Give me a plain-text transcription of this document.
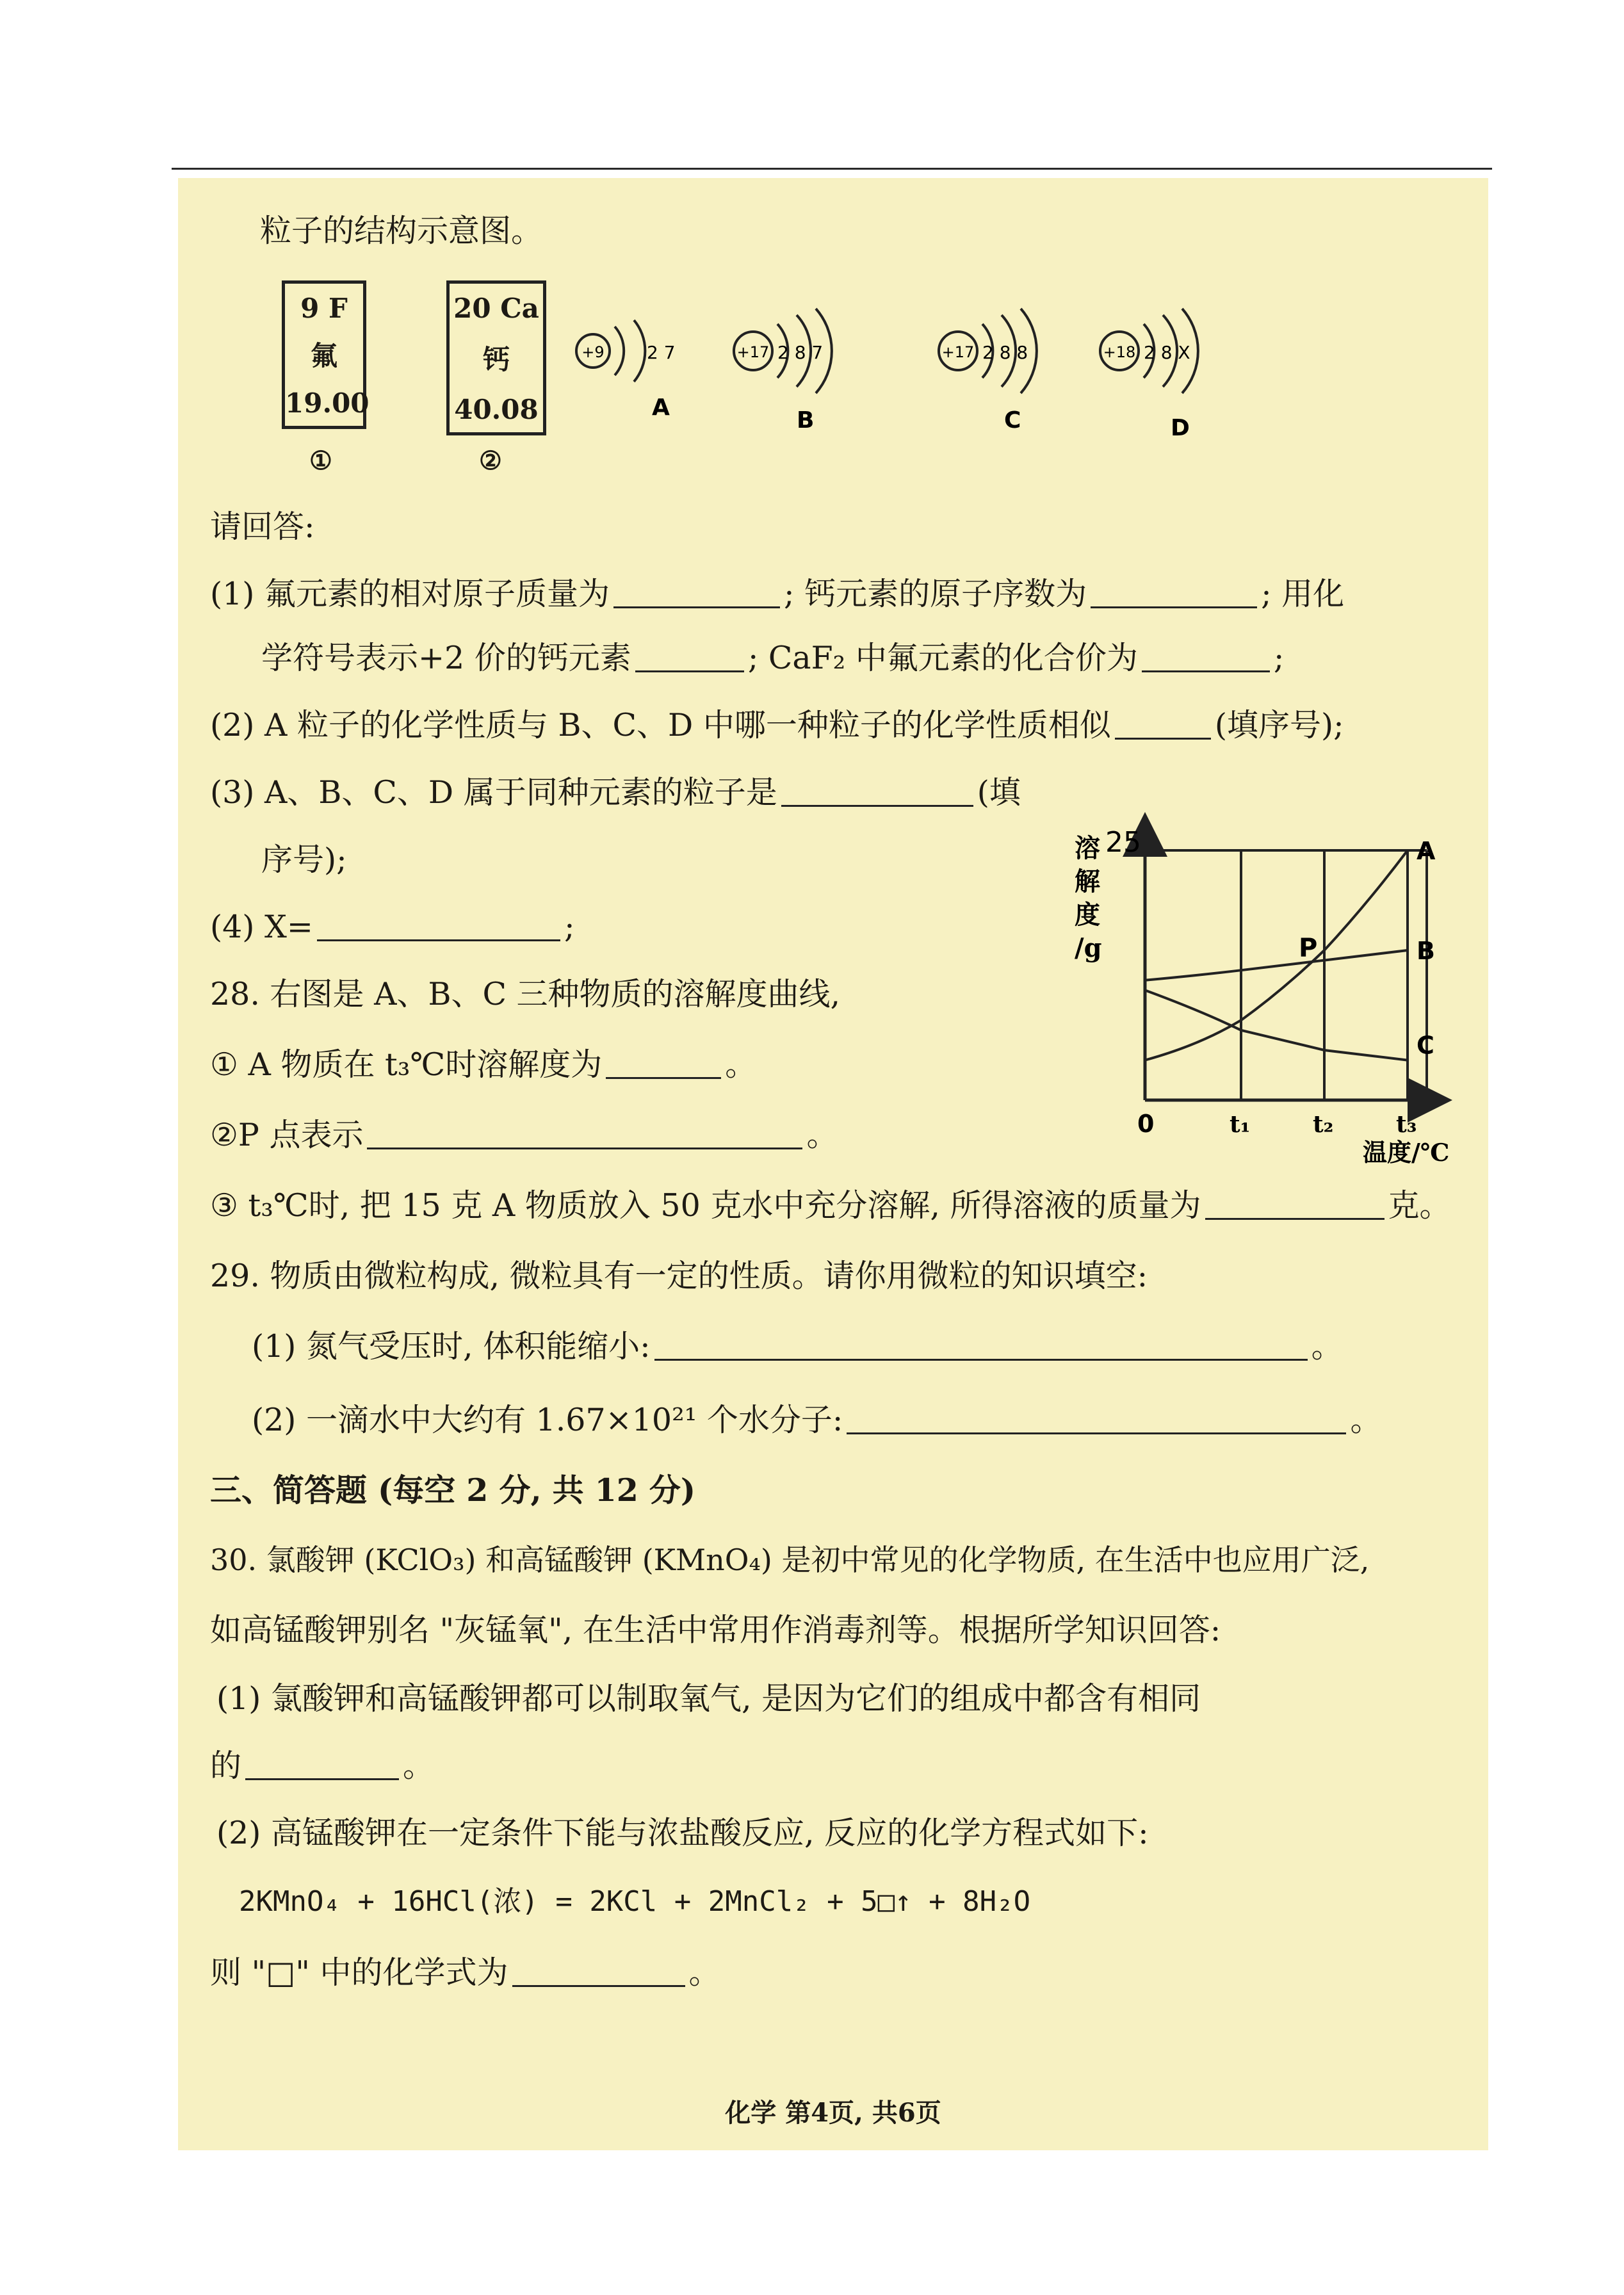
粒子的结构示意图。
9 F
氟
19.00
①
20 Ca
钙
40.08
②
+9 2 7
A
+17 2 8 7
B
+17 2 8 8
C
+18 2 8 X
D
请回答:
(1) 氟元素的相对原子质量为	; 钙元素的原子序数为	; 用化
学符号表示+2 价的钙元素	; CaF₂ 中氟元素的化合价为	;
(2) A 粒子的化学性质与 B、C、D 中哪一种粒子的化学性质相似	(填序号);
(3) A、B、C、D 属于同种元素的粒子是	(填
序号);
(4) X=	;
28. 右图是 A、B、C 三种物质的溶解度曲线,
① A 物质在 t₃℃时溶解度为	。
②P 点表示	。
③ t₃℃时, 把 15 克 A 物质放入 50 克水中充分溶解, 所得溶液的质量为	克。
溶
解
度
/g
25
0	t₁	t₂	t₃
温度/℃
P
A
B
C
29. 物质由微粒构成, 微粒具有一定的性质。请你用微粒的知识填空:
(1) 氮气受压时, 体积能缩小:	。
(2) 一滴水中大约有 1.67×10²¹ 个水分子:	。
三、简答题 (每空 2 分, 共 12 分)
30. 氯酸钾 (KClO₃) 和高锰酸钾 (KMnO₄) 是初中常见的化学物质, 在生活中也应用广泛,
如高锰酸钾别名 "灰锰氧", 在生活中常用作消毒剂等。根据所学知识回答:
(1) 氯酸钾和高锰酸钾都可以制取氧气, 是因为它们的组成中都含有相同
的	。
(2) 高锰酸钾在一定条件下能与浓盐酸反应, 反应的化学方程式如下:
2KMnO₄ + 16HCl(浓) = 2KCl + 2MnCl₂ + 5□↑ + 8H₂O
则 "□" 中的化学式为	。
化学 第4页, 共6页
